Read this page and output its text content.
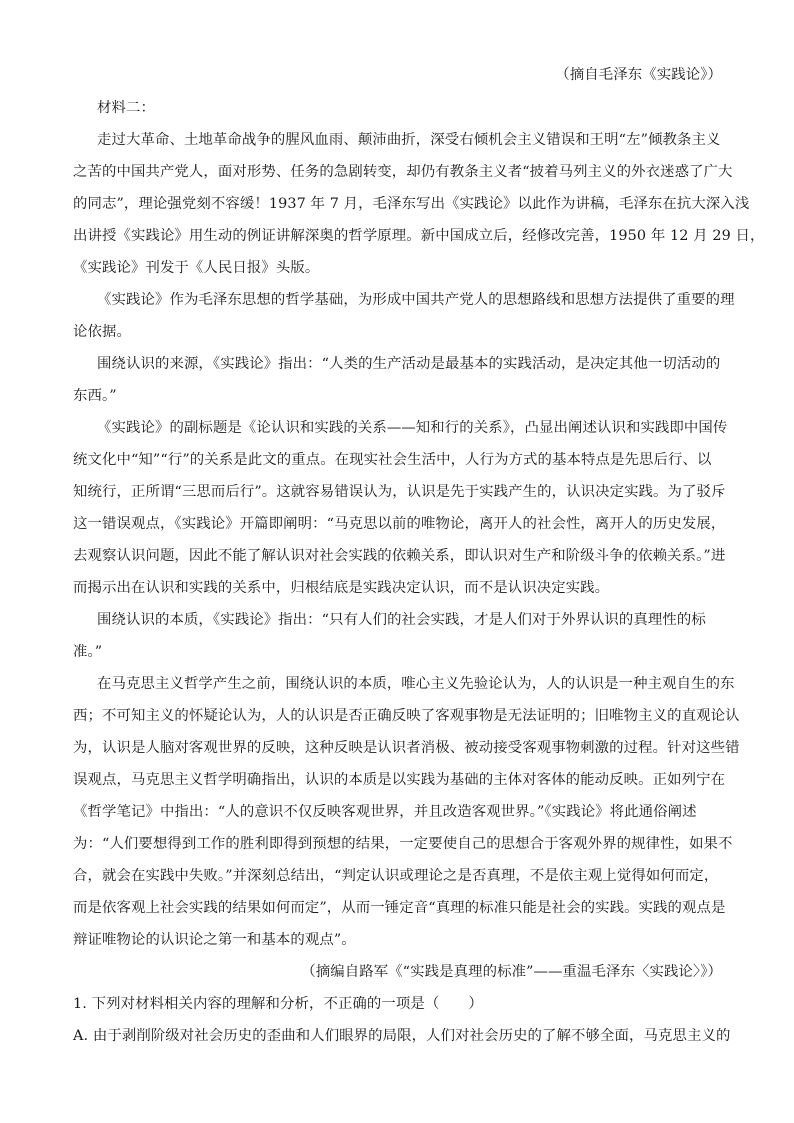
（摘自毛泽东《实践论》）
材料二：
走过大革命、土地革命战争的腥风血雨、颠沛曲折，深受右倾机会主义错误和王明“左”倾教条主义
之苦的中国共产党人，面对形势、任务的急剧转变，却仍有教条主义者“披着马列主义的外衣迷惑了广大
的同志”，理论强党刻不容缓！1937 年 7 月，毛泽东写出《实践论》以此作为讲稿，毛泽东在抗大深入浅
出讲授《实践论》用生动的例证讲解深奥的哲学原理。新中国成立后，经修改完善，1950 年 12 月 29 日，
《实践论》刊发于《人民日报》头版。
《实践论》作为毛泽东思想的哲学基础，为形成中国共产党人的思想路线和思想方法提供了重要的理
论依据。
围绕认识的来源，《实践论》指出：“人类的生产活动是最基本的实践活动，是决定其他一切活动的
东西。”
《实践论》的副标题是《论认识和实践的关系——知和行的关系》，凸显出阐述认识和实践即中国传
统文化中“知”“行”的关系是此文的重点。在现实社会生活中，人行为方式的基本特点是先思后行、以
知统行，正所谓“三思而后行”。这就容易错误认为，认识是先于实践产生的，认识决定实践。为了驳斥
这一错误观点，《实践论》开篇即阐明：“马克思以前的唯物论，离开人的社会性，离开人的历史发展，
去观察认识问题，因此不能了解认识对社会实践的依赖关系，即认识对生产和阶级斗争的依赖关系。”进
而揭示出在认识和实践的关系中，归根结底是实践决定认识，而不是认识决定实践。
围绕认识的本质，《实践论》指出：“只有人们的社会实践，才是人们对于外界认识的真理性的标
准。”
在马克思主义哲学产生之前，围绕认识的本质，唯心主义先验论认为，人的认识是一种主观自生的东
西；不可知主义的怀疑论认为，人的认识是否正确反映了客观事物是无法证明的；旧唯物主义的直观论认
为，认识是人脑对客观世界的反映，这种反映是认识者消极、被动接受客观事物刺激的过程。针对这些错
误观点，马克思主义哲学明确指出，认识的本质是以实践为基础的主体对客体的能动反映。正如列宁在
《哲学笔记》中指出：“人的意识不仅反映客观世界，并且改造客观世界。”《实践论》将此通俗阐述
为：“人们要想得到工作的胜利即得到预想的结果，一定要使自己的思想合于客观外界的规律性，如果不
合，就会在实践中失败。”并深刻总结出，“判定认识或理论之是否真理，不是依主观上觉得如何而定，
而是依客观上社会实践的结果如何而定”，从而一锤定音“真理的标准只能是社会的实践。实践的观点是
辩证唯物论的认识论之第一和基本的观点”。
（摘编自路军《“实践是真理的标准”——重温毛泽东〈实践论〉》）
1. 下列对材料相关内容的理解和分析，不正确的一项是（　　）
A. 由于剥削阶级对社会历史的歪曲和人们眼界的局限，人们对社会历史的了解不够全面，马克思主义的
